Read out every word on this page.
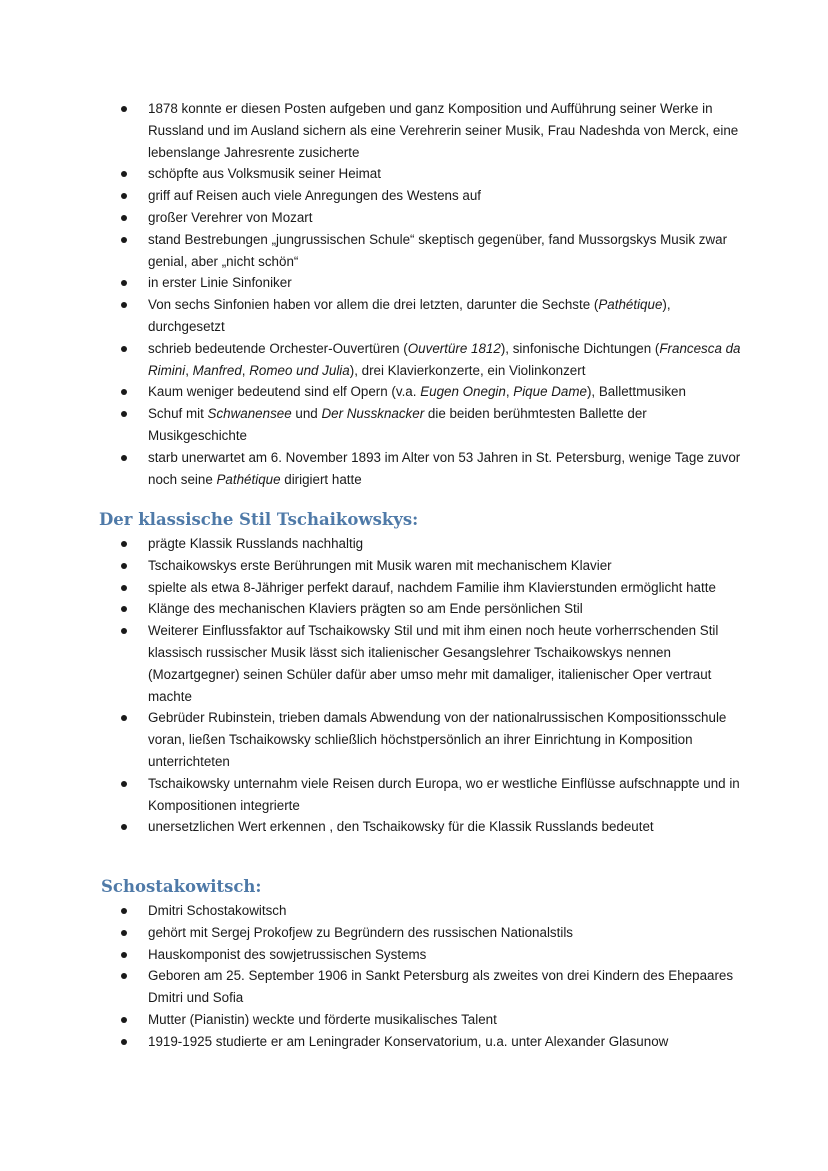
1878 konnte er diesen Posten aufgeben und ganz Komposition und Aufführung seiner Werke in Russland und im Ausland sichern als eine Verehrerin seiner Musik, Frau Nadeshda von Merck, eine lebenslange Jahresrente zusicherte
schöpfte aus Volksmusik seiner Heimat
griff auf Reisen auch viele Anregungen des Westens auf
großer Verehrer von Mozart
stand Bestrebungen „jungrussischen Schule“ skeptisch gegenüber, fand Mussorgskys Musik zwar genial, aber „nicht schön“
in erster Linie Sinfoniker
Von sechs Sinfonien haben vor allem die drei letzten, darunter die Sechste (Pathétique), durchgesetzt
schrieb bedeutende Orchester-Ouvertüren (Ouvertüre 1812), sinfonische Dichtungen (Francesca da Rimini, Manfred, Romeo und Julia), drei Klavierkonzerte, ein Violinkonzert
Kaum weniger bedeutend sind elf Opern (v.a. Eugen Onegin, Pique Dame), Ballettmusiken
Schuf mit Schwanensee und Der Nussknacker die beiden berühmtesten Ballette der Musikgeschichte
starb unerwartet am 6. November 1893 im Alter von 53 Jahren in St. Petersburg, wenige Tage zuvor noch seine Pathétique dirigiert hatte
Der klassische Stil Tschaikowskys:
prägte Klassik Russlands nachhaltig
Tschaikowskys erste Berührungen mit Musik waren mit mechanischem Klavier
spielte als etwa 8-Jähriger perfekt darauf, nachdem Familie ihm Klavierstunden ermöglicht hatte
Klänge des mechanischen Klaviers prägten so am Ende persönlichen Stil
Weiterer Einflussfaktor auf Tschaikowsky Stil und mit ihm einen noch heute vorherrschenden Stil klassisch russischer Musik lässt sich italienischer Gesangslehrer Tschaikowskys nennen (Mozartgegner) seinen Schüler dafür aber umso mehr mit damaliger, italienischer Oper vertraut machte
Gebrüder Rubinstein, trieben damals Abwendung von der nationalrussischen Kompositionsschule voran, ließen Tschaikowsky schließlich höchstpersönlich an ihrer Einrichtung in Komposition unterrichteten
Tschaikowsky unternahm viele Reisen durch Europa, wo er westliche Einflüsse aufschnappte und in Kompositionen integrierte
unersetzlichen Wert erkennen , den Tschaikowsky für die Klassik Russlands bedeutet
Schostakowitsch:
Dmitri Schostakowitsch
gehört mit Sergej Prokofjew zu Begründern des russischen Nationalstils
Hauskomponist des sowjetrussischen Systems
Geboren am 25. September 1906 in Sankt Petersburg als zweites von drei Kindern des Ehepaares Dmitri und Sofia
Mutter (Pianistin) weckte und förderte musikalisches Talent
1919-1925 studierte er am Leningrader Konservatorium, u.a. unter Alexander Glasunow
